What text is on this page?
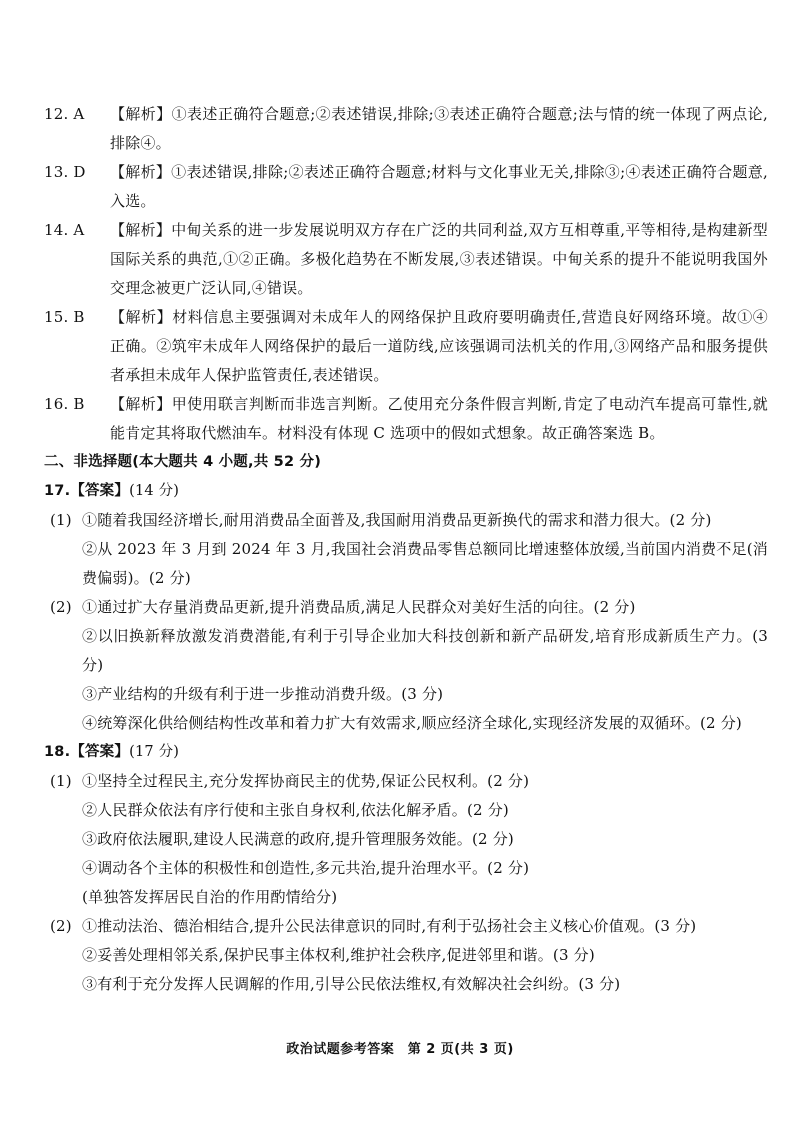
12. A	【解析】①表述正确符合题意;②表述错误,排除;③表述正确符合题意;法与情的统一体现了两点论,排除④。
13. D	【解析】①表述错误,排除;②表述正确符合题意;材料与文化事业无关,排除③;④表述正确符合题意,入选。
14. A	【解析】中甸关系的进一步发展说明双方存在广泛的共同利益,双方互相尊重,平等相待,是构建新型国际关系的典范,①②正确。多极化趋势在不断发展,③表述错误。中甸关系的提升不能说明我国外交理念被更广泛认同,④错误。
15. B	【解析】材料信息主要强调对未成年人的网络保护且政府要明确责任,营造良好网络环境。故①④正确。②筑牢未成年人网络保护的最后一道防线,应该强调司法机关的作用,③网络产品和服务提供者承担未成年人保护监管责任,表述错误。
16. B	【解析】甲使用联言判断而非选言判断。乙使用充分条件假言判断,肯定了电动汽车提高可靠性,就能肯定其将取代燃油车。材料没有体现 C 选项中的假如式想象。故正确答案选 B。
二、非选择题(本大题共 4 小题,共 52 分)
17.【答案】(14 分)
(1) ①随着我国经济增长,耐用消费品全面普及,我国耐用消费品更新换代的需求和潜力很大。(2 分)
②从 2023 年 3 月到 2024 年 3 月,我国社会消费品零售总额同比增速整体放缓,当前国内消费不足(消费偏弱)。(2 分)
(2) ①通过扩大存量消费品更新,提升消费品质,满足人民群众对美好生活的向往。(2 分)
②以旧换新释放激发消费潜能,有利于引导企业加大科技创新和新产品研发,培育形成新质生产力。(3 分)
③产业结构的升级有利于进一步推动消费升级。(3 分)
④统筹深化供给侧结构性改革和着力扩大有效需求,顺应经济全球化,实现经济发展的双循环。(2 分)
18.【答案】(17 分)
(1) ①坚持全过程民主,充分发挥协商民主的优势,保证公民权利。(2 分)
②人民群众依法有序行使和主张自身权利,依法化解矛盾。(2 分)
③政府依法履职,建设人民满意的政府,提升管理服务效能。(2 分)
④调动各个主体的积极性和创造性,多元共治,提升治理水平。(2 分)
(单独答发挥居民自治的作用酌情给分)
(2) ①推动法治、德治相结合,提升公民法律意识的同时,有利于弘扬社会主义核心价值观。(3 分)
②妥善处理相邻关系,保护民事主体权利,维护社会秩序,促进邻里和谐。(3 分)
③有利于充分发挥人民调解的作用,引导公民依法维权,有效解决社会纠纷。(3 分)
政治试题参考答案　第 2 页(共 3 页)
